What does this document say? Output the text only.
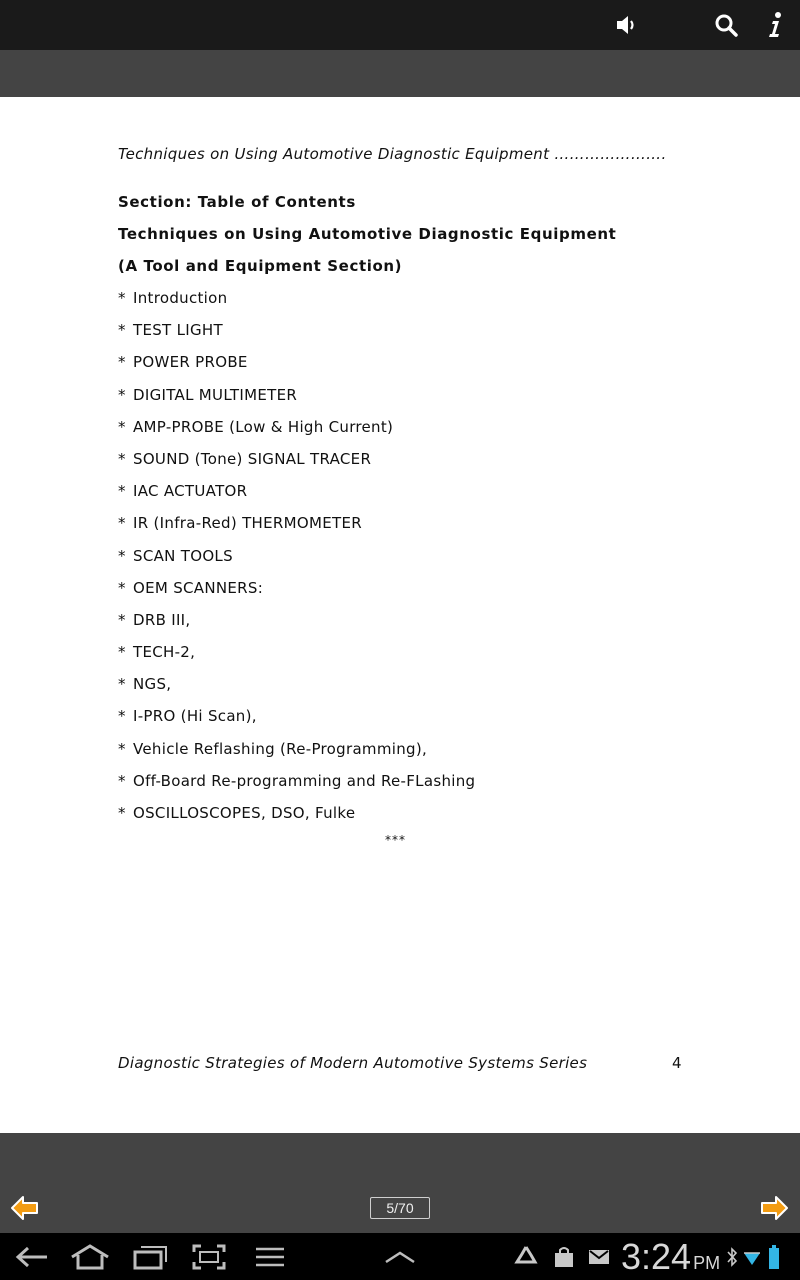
Techniques on Using Automotive Diagnostic Equipment ………………….
Section: Table of Contents
Techniques on Using Automotive Diagnostic Equipment
(A Tool and Equipment Section)
* Introduction
* TEST LIGHT
* POWER PROBE
* DIGITAL MULTIMETER
* AMP-PROBE (Low & High Current)
* SOUND (Tone) SIGNAL TRACER
* IAC ACTUATOR
* IR (Infra-Red) THERMOMETER
* SCAN TOOLS
* OEM SCANNERS:
* DRB III,
* TECH-2,
* NGS,
* I-PRO (Hi Scan),
* Vehicle Reflashing (Re-Programming),
* Off-Board Re-programming and Re-FLashing
* OSCILLOSCOPES, DSO, Fulke
***
Diagnostic Strategies of Modern Automotive Systems Series	4
5/70
3:24 PM
